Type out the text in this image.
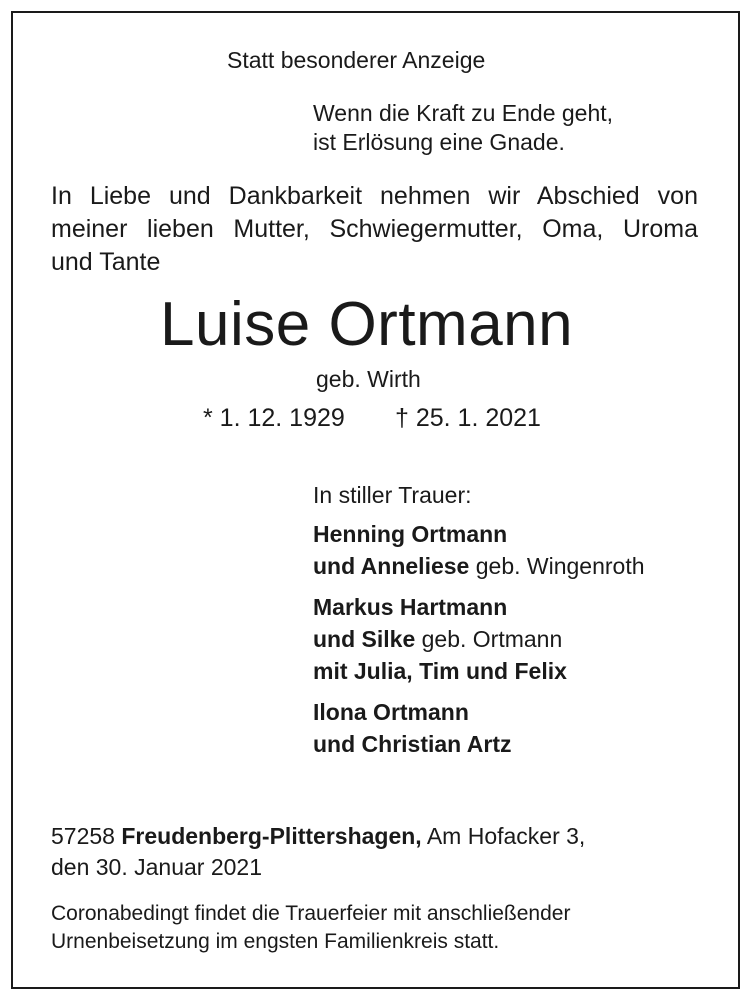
Statt besonderer Anzeige
Wenn die Kraft zu Ende geht,
ist Erlösung eine Gnade.
In Liebe und Dankbarkeit nehmen wir Abschied von
meiner lieben Mutter, Schwiegermutter, Oma, Uroma
und Tante
Luise Ortmann
geb. Wirth
* 1. 12. 1929 † 25. 1. 2021
In stiller Trauer:
Henning Ortmann
und Anneliese geb. Wingenroth
Markus Hartmann
und Silke geb. Ortmann
mit Julia, Tim und Felix
Ilona Ortmann
und Christian Artz
57258 Freudenberg-Plittershagen, Am Hofacker 3,
den 30. Januar 2021
Coronabedingt findet die Trauerfeier mit anschließender
Urnenbeisetzung im engsten Familienkreis statt.
